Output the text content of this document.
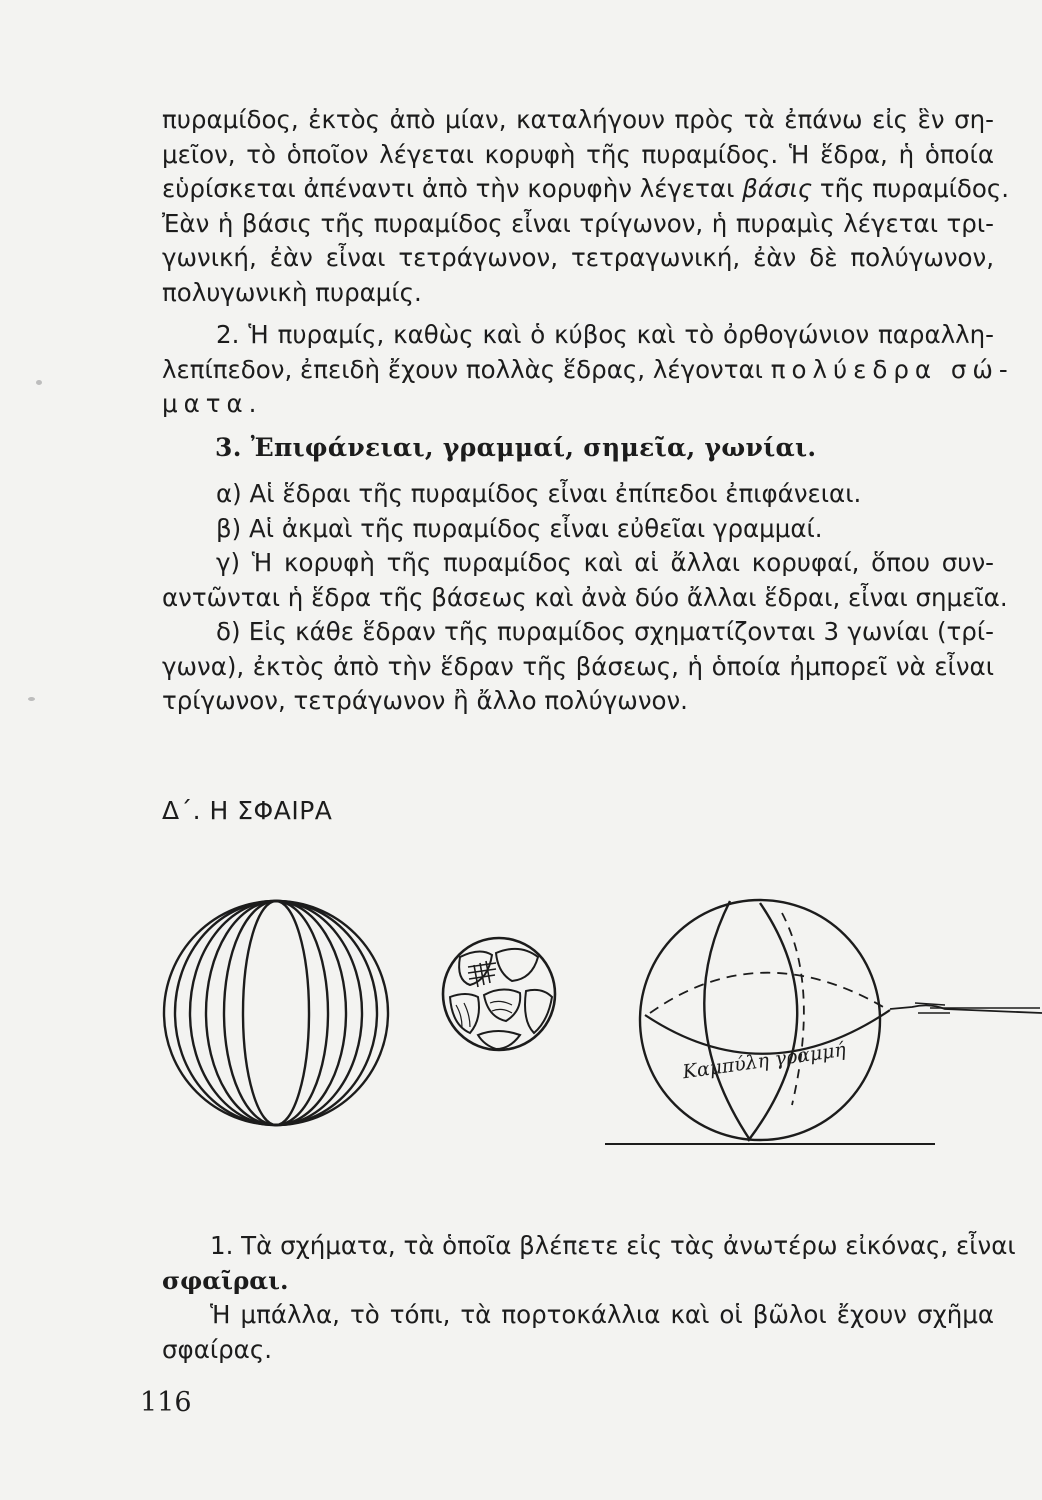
πυραμίδος, ἐκτὸς ἀπὸ μίαν, καταλήγουν πρὸς τὰ ἐπάνω εἰς ἓν ση-
μεῖον, τὸ ὁποῖον λέγεται κορυφὴ τῆς πυραμίδος. Ἡ ἕδρα, ἡ ὁποία
εὑρίσκεται ἀπέναντι ἀπὸ τὴν κορυφὴν λέγεται βάσις τῆς πυραμίδος.
Ἐὰν ἡ βάσις τῆς πυραμίδος εἶναι τρίγωνον, ἡ πυραμὶς λέγεται τρι-
γωνική, ἐὰν εἶναι τετράγωνον, τετραγωνική, ἐὰν δὲ πολύγωνον,
πολυγωνικὴ πυραμίς.
2. Ἡ πυραμίς, καθὼς καὶ ὁ κύβος καὶ τὸ ὀρθογώνιον παραλλη-
λεπίπεδον, ἐπειδὴ ἔχουν πολλὰς ἕδρας, λέγονται πολύεδρα σώ-
ματα.
3. Ἐπιφάνειαι, γραμμαί, σημεῖα, γωνίαι.
α) Αἱ ἕδραι τῆς πυραμίδος εἶναι ἐπίπεδοι ἐπιφάνειαι.
β) Αἱ ἀκμαὶ τῆς πυραμίδος εἶναι εὐθεῖαι γραμμαί.
γ) Ἡ κορυφὴ τῆς πυραμίδος καὶ αἱ ἄλλαι κορυφαί, ὅπου συν-
αντῶνται ἡ ἕδρα τῆς βάσεως καὶ ἀνὰ δύο ἄλλαι ἕδραι, εἶναι σημεῖα.
δ) Εἰς κάθε ἕδραν τῆς πυραμίδος σχηματίζονται 3 γωνίαι (τρί-
γωνα), ἐκτὸς ἀπὸ τὴν ἕδραν τῆς βάσεως, ἡ ὁποία ἠμπορεῖ νὰ εἶναι
τρίγωνον, τετράγωνον ἢ ἄλλο πολύγωνον.
Δ΄. Η ΣΦΑΙΡΑ
Καμπύλη γραμμή
1. Τὰ σχήματα, τὰ ὁποῖα βλέπετε εἰς τὰς ἀνωτέρω εἰκόνας, εἶναι
σφαῖραι.
Ἡ μπάλλα, τὸ τόπι, τὰ πορτοκάλλια καὶ οἱ βῶλοι ἔχουν σχῆμα
σφαίρας.
116
